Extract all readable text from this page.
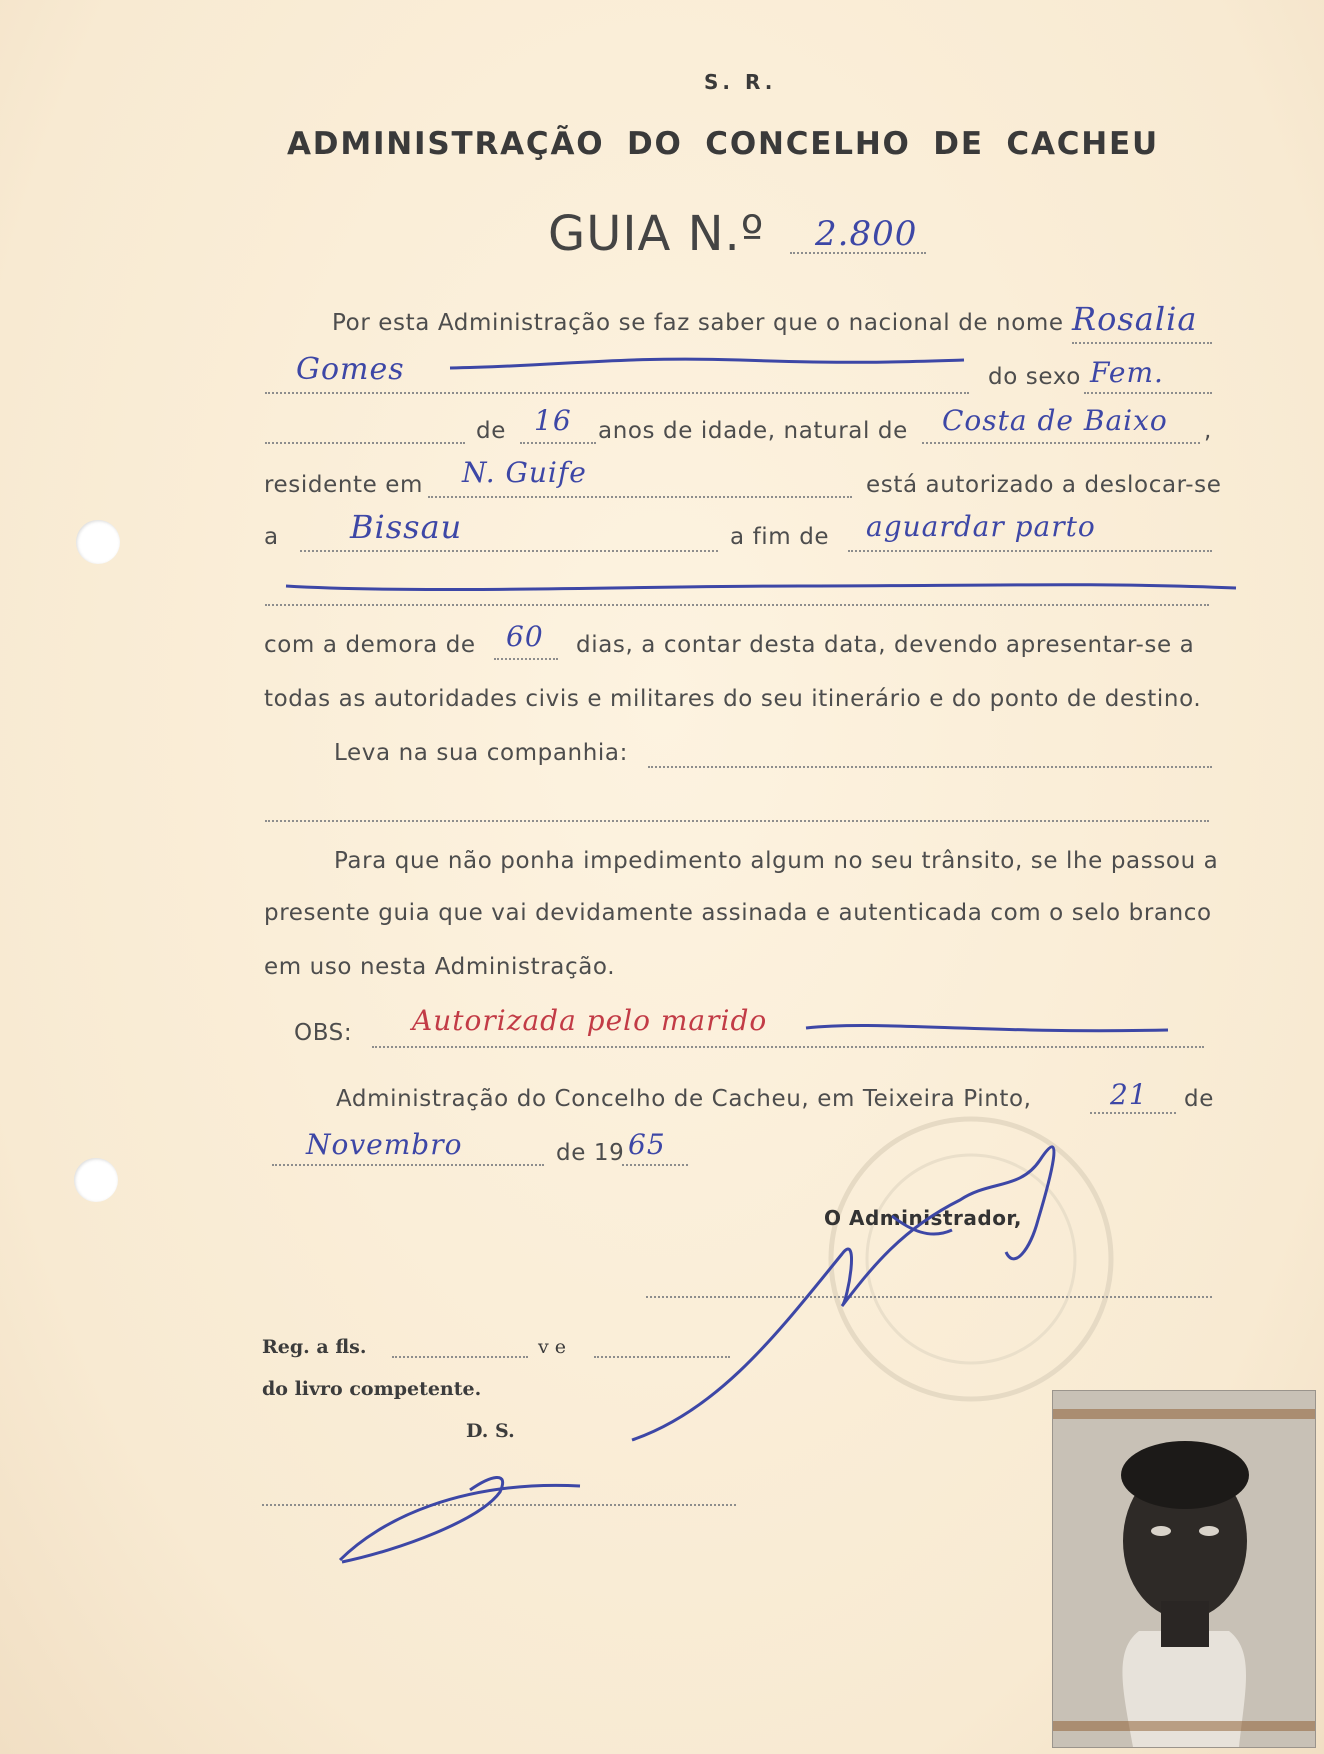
S. R.
ADMINISTRAÇÃO DO CONCELHO DE CACHEU
GUIA N.º 2.800
Por esta Administração se faz saber que o nacional de nome Rosalia
Gomes	do sexo Fem.
de 16 anos de idade, natural de Costa de Baixo ,
residente em N. Guife	está autorizado a deslocar-se
a Bissau	a fim de aguardar parto
com a demora de 60 dias, a contar desta data, devendo apresentar-se a
todas as autoridades civis e militares do seu itinerário e do ponto de destino.
Leva na sua companhia:
Para que não ponha impedimento algum no seu trânsito, se lhe passou a
presente guia que vai devidamente assinada e autenticada com o selo branco
em uso nesta Administração.
OBS: Autorizada pelo marido
Administração do Concelho de Cacheu, em Teixeira Pinto,	21 de
Novembro	de 19 65
O Administrador,
Reg. a fls.	v e
do livro competente.
D. S.
